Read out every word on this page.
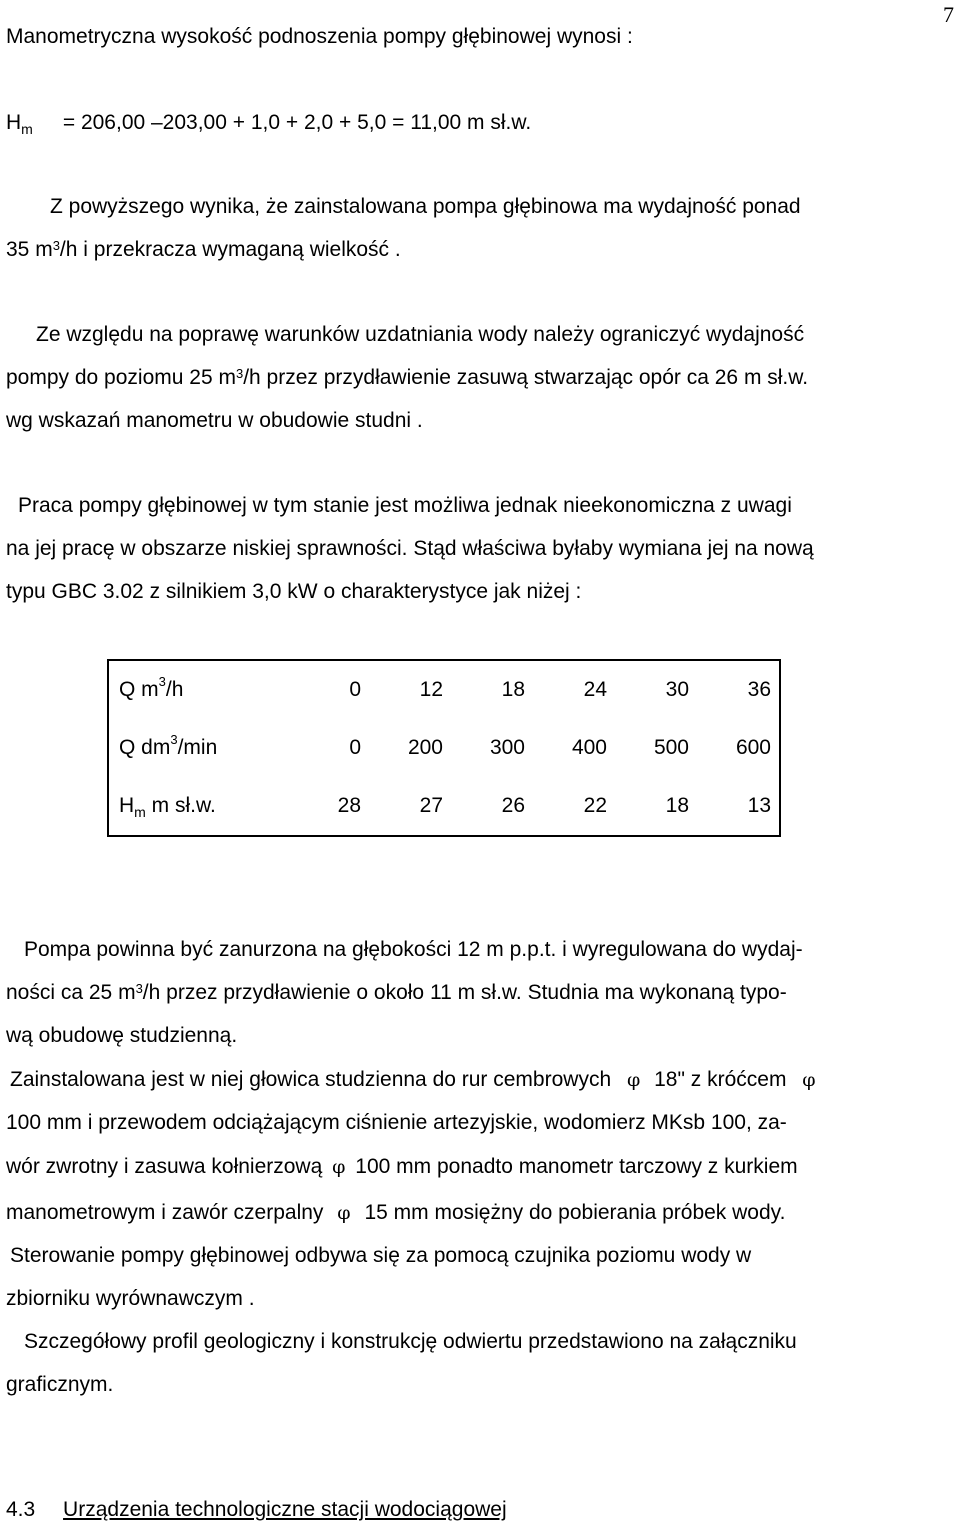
7
Manometryczna wysokość podnoszenia pompy głębinowej wynosi :
$H_m = 206,00$ –203,00 + 1,0 + 2,0 + 5,0 = 11,00 m sł.w.
Z powyższego wynika, że zainstalowana pompa głębinowa ma wydajność ponad
35 $m^3/h$ i przekracza wymaganą wielkość .
Ze względu na poprawę warunków uzdatniania wody należy ograniczyć wydajność
pompy do poziomu 25 $m^3/h$ przez przydławienie zasuwą stwarzając opór ca 26 m sł.w.
wg wskazań manometru w obudowie studni .
Praca pompy głębinowej w tym stanie jest możliwa jednak nieekonomiczna z uwagi
na jej pracę w obszarze niskiej sprawności. Stąd właściwa byłaby wymiana jej na nową
typu GBC 3.02 z silnikiem 3,0 kW o charakterystyce jak niżej :
Q $m^3/h$	0	12	18	24	30	36
Q $dm^3/\min$	0	200	300	400	500	600
$H_m$ m sł.w.	28	27	26	22	18	13
Pompa powinna być zanurzona na głębokości 12 m p.p.t. i wyregulowana do wydaj-
ności ca 25 $m^3/h$ przez przydławienie o około 11 m sł.w. Studnia ma wykonaną typo-
wą obudowę studzienną.
Zainstalowana jest w niej głowica studzienna do rur cembrowych φ 18" z króćcem φ
100 mm i przewodem odciążającym ciśnienie artezyjskie, wodomierz MKsb 100, za-
wór zwrotny i zasuwa kołnierzową φ 100 mm ponadto manometr tarczowy z kurkiem
manometrowym i zawór czerpalny φ 15 mm mosiężny do pobierania próbek wody.
Sterowanie pompy głębinowej odbywa się za pomocą czujnika poziomu wody w
zbiorniku wyrównawczym .
Szczegółowy profil geologiczny i konstrukcję odwiertu przedstawiono na załączniku
graficznym.
4.3 Urządzenia technologiczne stacji wodociągowej
